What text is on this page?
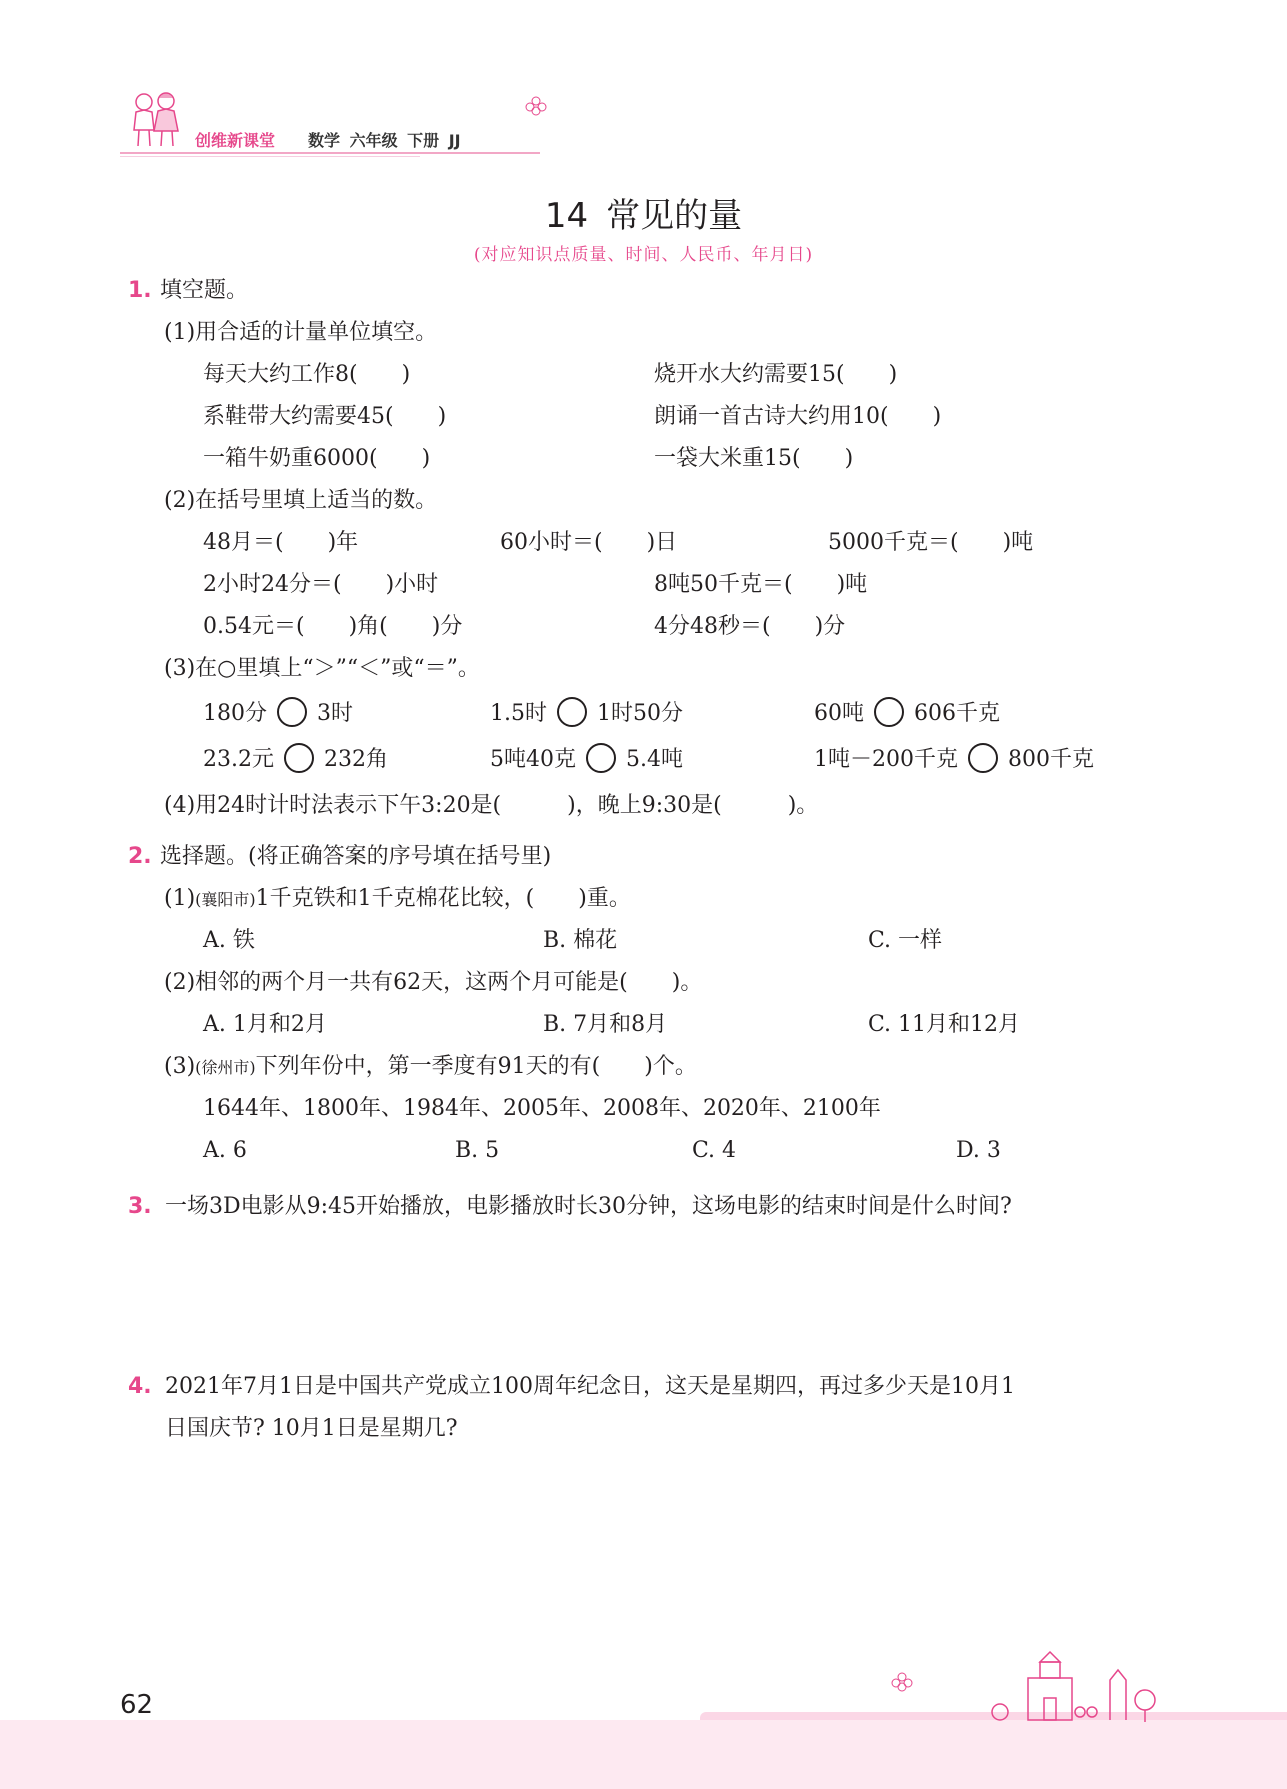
创维新课堂 数学 六年级 下册 JJ
14 常见的量
(对应知识点质量、时间、人民币、年月日)
1. 填空题。
(1)用合适的计量单位填空。
每天大约工作8(　　)	烧开水大约需要15(　　)
系鞋带大约需要45(　　)	朗诵一首古诗大约用10(　　)
一箱牛奶重6000(　　)	一袋大米重15(　　)
(2)在括号里填上适当的数。
48月＝(　　)年	60小时＝(　　)日	5000千克＝(　　)吨
2小时24分＝(　　)小时	8吨50千克＝(　　)吨
0.54元＝(　　)角(　　)分	4分48秒＝(　　)分
(3)在○里填上“＞”“＜”或“＝”。
180分 3时	1.5时 1时50分	60吨 606千克
23.2元 232角	5吨40克 5.4吨	1吨－200千克 800千克
(4)用24时计时法表示下午3:20是(　　　)，晚上9:30是(　　　)。
2. 选择题。(将正确答案的序号填在括号里)
(1)(襄阳市)1千克铁和1千克棉花比较，(　　)重。
A. 铁	B. 棉花	C. 一样
(2)相邻的两个月一共有62天，这两个月可能是(　　)。
A. 1月和2月	B. 7月和8月	C. 11月和12月
(3)(徐州市)下列年份中，第一季度有91天的有(　　)个。
1644年、1800年、1984年、2005年、2008年、2020年、2100年
A. 6	B. 5	C. 4	D. 3
3. 一场3D电影从9:45开始播放，电影播放时长30分钟，这场电影的结束时间是什么时间?
4. 2021年7月1日是中国共产党成立100周年纪念日，这天是星期四，再过多少天是10月1
日国庆节? 10月1日是星期几?
62
